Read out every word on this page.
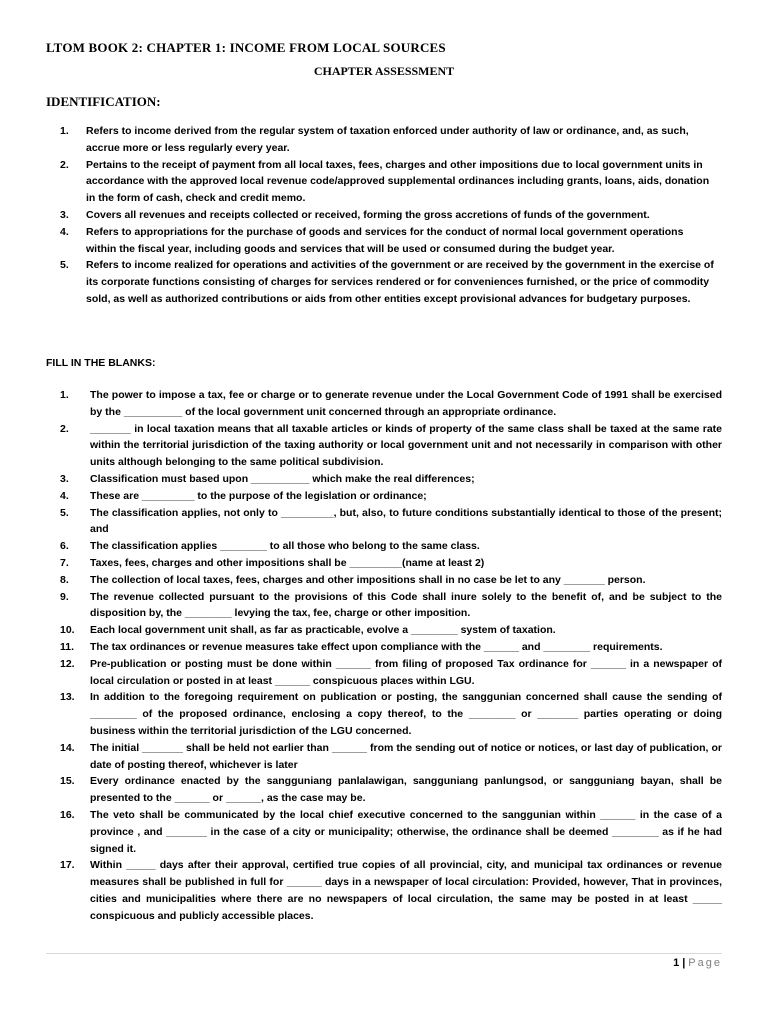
LTOM BOOK 2: CHAPTER 1: INCOME FROM LOCAL SOURCES
CHAPTER ASSESSMENT
IDENTIFICATION:
1. Refers to income derived from the regular system of taxation enforced under authority of law or ordinance, and, as such, accrue more or less regularly every year.
2. Pertains to the receipt of payment from all local taxes, fees, charges and other impositions due to local government units in accordance with the approved local revenue code/approved supplemental ordinances including grants, loans, aids, donation in the form of cash, check and credit memo.
3. Covers all revenues and receipts collected or received, forming the gross accretions of funds of the government.
4. Refers to appropriations for the purchase of goods and services for the conduct of normal local government operations within the fiscal year, including goods and services that will be used or consumed during the budget year.
5. Refers to income realized for operations and activities of the government or are received by the government in the exercise of its corporate functions consisting of charges for services rendered or for conveniences furnished, or the price of commodity sold, as well as authorized contributions or aids from other entities except provisional advances for budgetary purposes.
FILL IN THE BLANKS:
1. The power to impose a tax, fee or charge or to generate revenue under the Local Government Code of 1991 shall be exercised by the __________ of the local government unit concerned through an appropriate ordinance.
2. _______ in local taxation means that all taxable articles or kinds of property of the same class shall be taxed at the same rate within the territorial jurisdiction of the taxing authority or local government unit and not necessarily in comparison with other units although belonging to the same political subdivision.
3. Classification must based upon __________ which make the real differences;
4. These are _________ to the purpose of the legislation or ordinance;
5. The classification applies, not only to _________, but, also, to future conditions substantially identical to those of the present; and
6. The classification applies ________ to all those who belong to the same class.
7. Taxes, fees, charges and other impositions shall be _________(name at least 2)
8. The collection of local taxes, fees, charges and other impositions shall in no case be let to any _______ person.
9. The revenue collected pursuant to the provisions of this Code shall inure solely to the benefit of, and be subject to the disposition by, the ________ levying the tax, fee, charge or other imposition.
10. Each local government unit shall, as far as practicable, evolve a ________ system of taxation.
11. The tax ordinances or revenue measures take effect upon compliance with the ______ and ________ requirements.
12. Pre-publication or posting must be done within ______ from filing of proposed Tax ordinance for ______ in a newspaper of local circulation or posted in at least ______ conspicuous places within LGU.
13. In addition to the foregoing requirement on publication or posting, the sanggunian concerned shall cause the sending of ________ of the proposed ordinance, enclosing a copy thereof, to the ________ or _______ parties operating or doing business within the territorial jurisdiction of the LGU concerned.
14. The initial _______ shall be held not earlier than ______ from the sending out of notice or notices, or last day of publication, or date of posting thereof, whichever is later
15. Every ordinance enacted by the sangguniang panlalawigan, sangguniang panlungsod, or sangguniang bayan, shall be presented to the ______ or ______, as the case may be.
16. The veto shall be communicated by the local chief executive concerned to the sanggunian within ______ in the case of a province , and _______ in the case of a city or municipality; otherwise, the ordinance shall be deemed ________ as if he had signed it.
17. Within _____ days after their approval, certified true copies of all provincial, city, and municipal tax ordinances or revenue measures shall be published in full for ______ days in a newspaper of local circulation: Provided, however, That in provinces, cities and municipalities where there are no newspapers of local circulation, the same may be posted in at least _____ conspicuous and publicly accessible places.
1 | Page
